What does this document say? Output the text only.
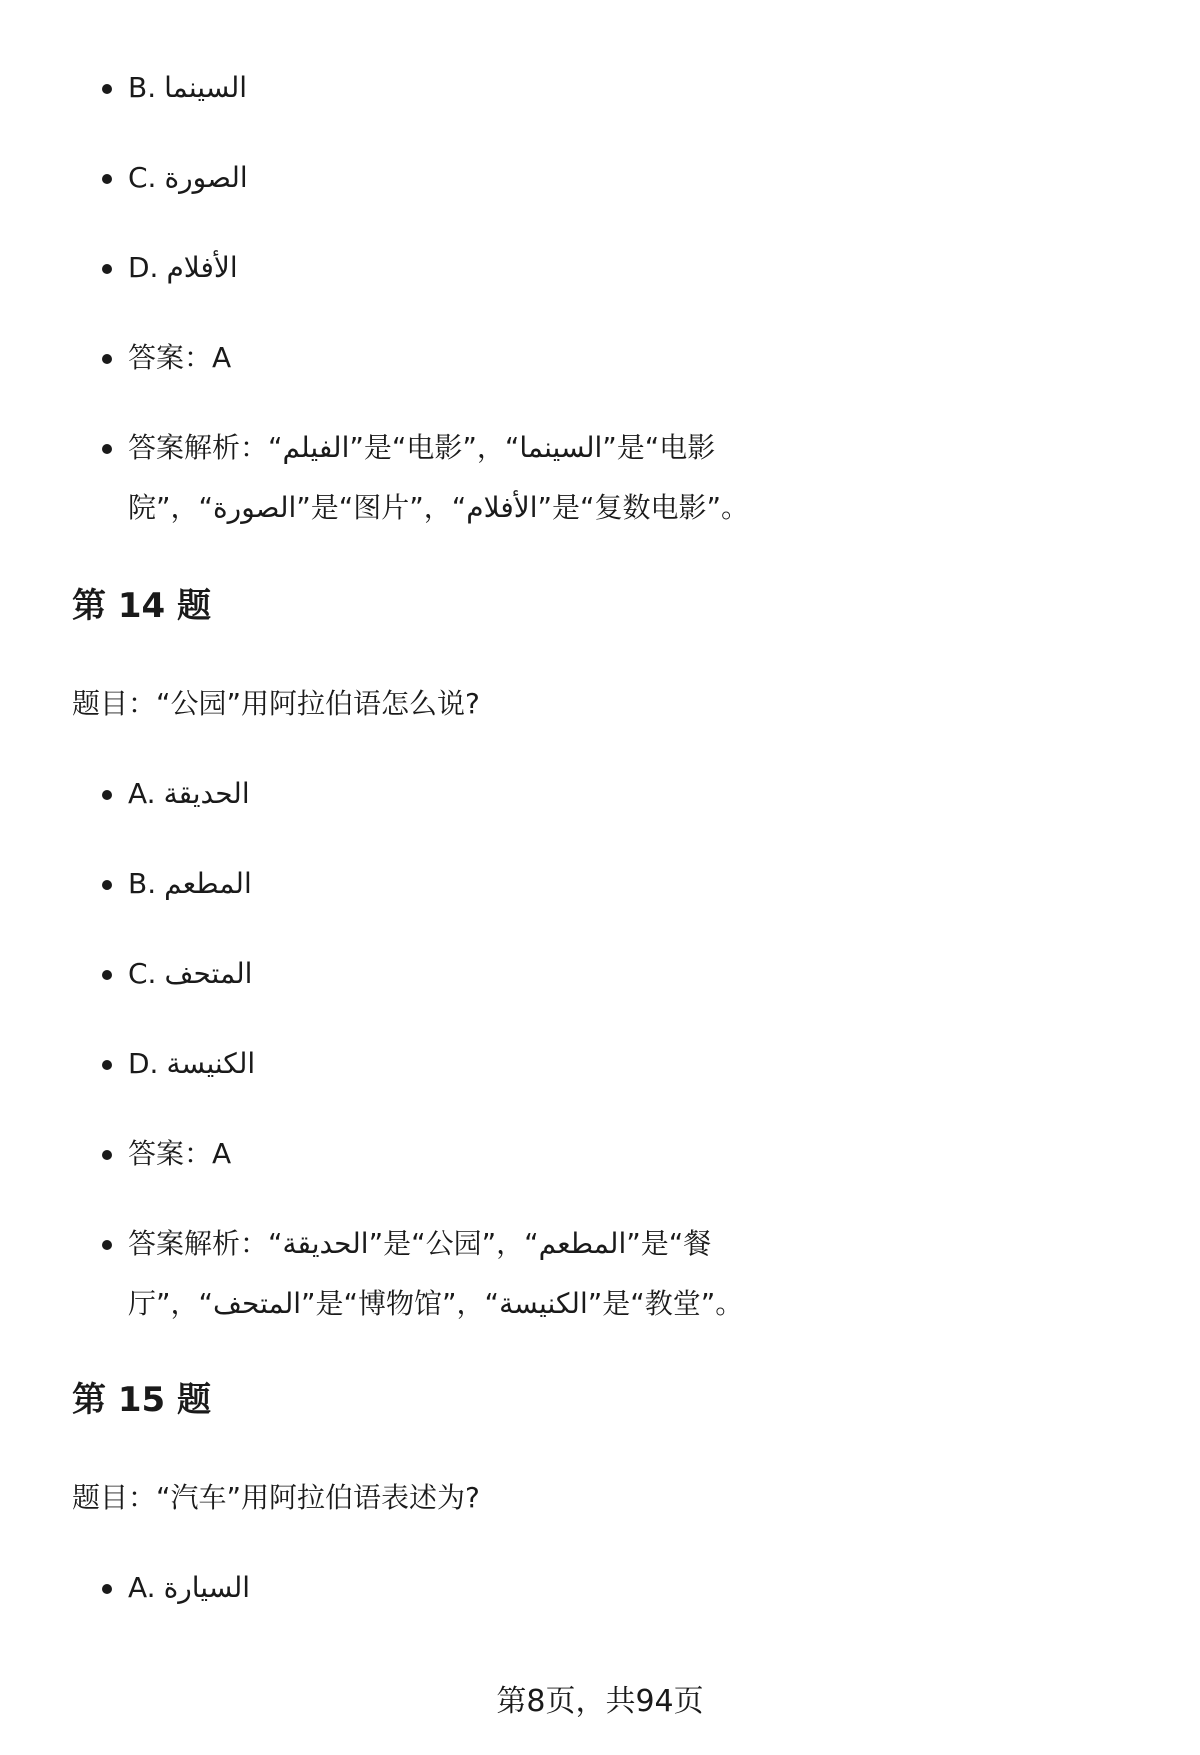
B. السينما
C. الصورة
D. الأفلام
答案：A
答案解析：“الفيلم”是“电影”，“السينما”是“电影
院”，“الصورة”是“图片”，“الأفلام”是“复数电影”。
第 14 题
题目：“公园”用阿拉伯语怎么说?
A. الحديقة
B. المطعم
C. المتحف
D. الكنيسة
答案：A
答案解析：“الحديقة”是“公园”，“المطعم”是“餐
厅”，“المتحف”是“博物馆”，“الكنيسة”是“教堂”。
第 15 题
题目：“汽车”用阿拉伯语表述为?
A. السيارة
第8页，共94页
